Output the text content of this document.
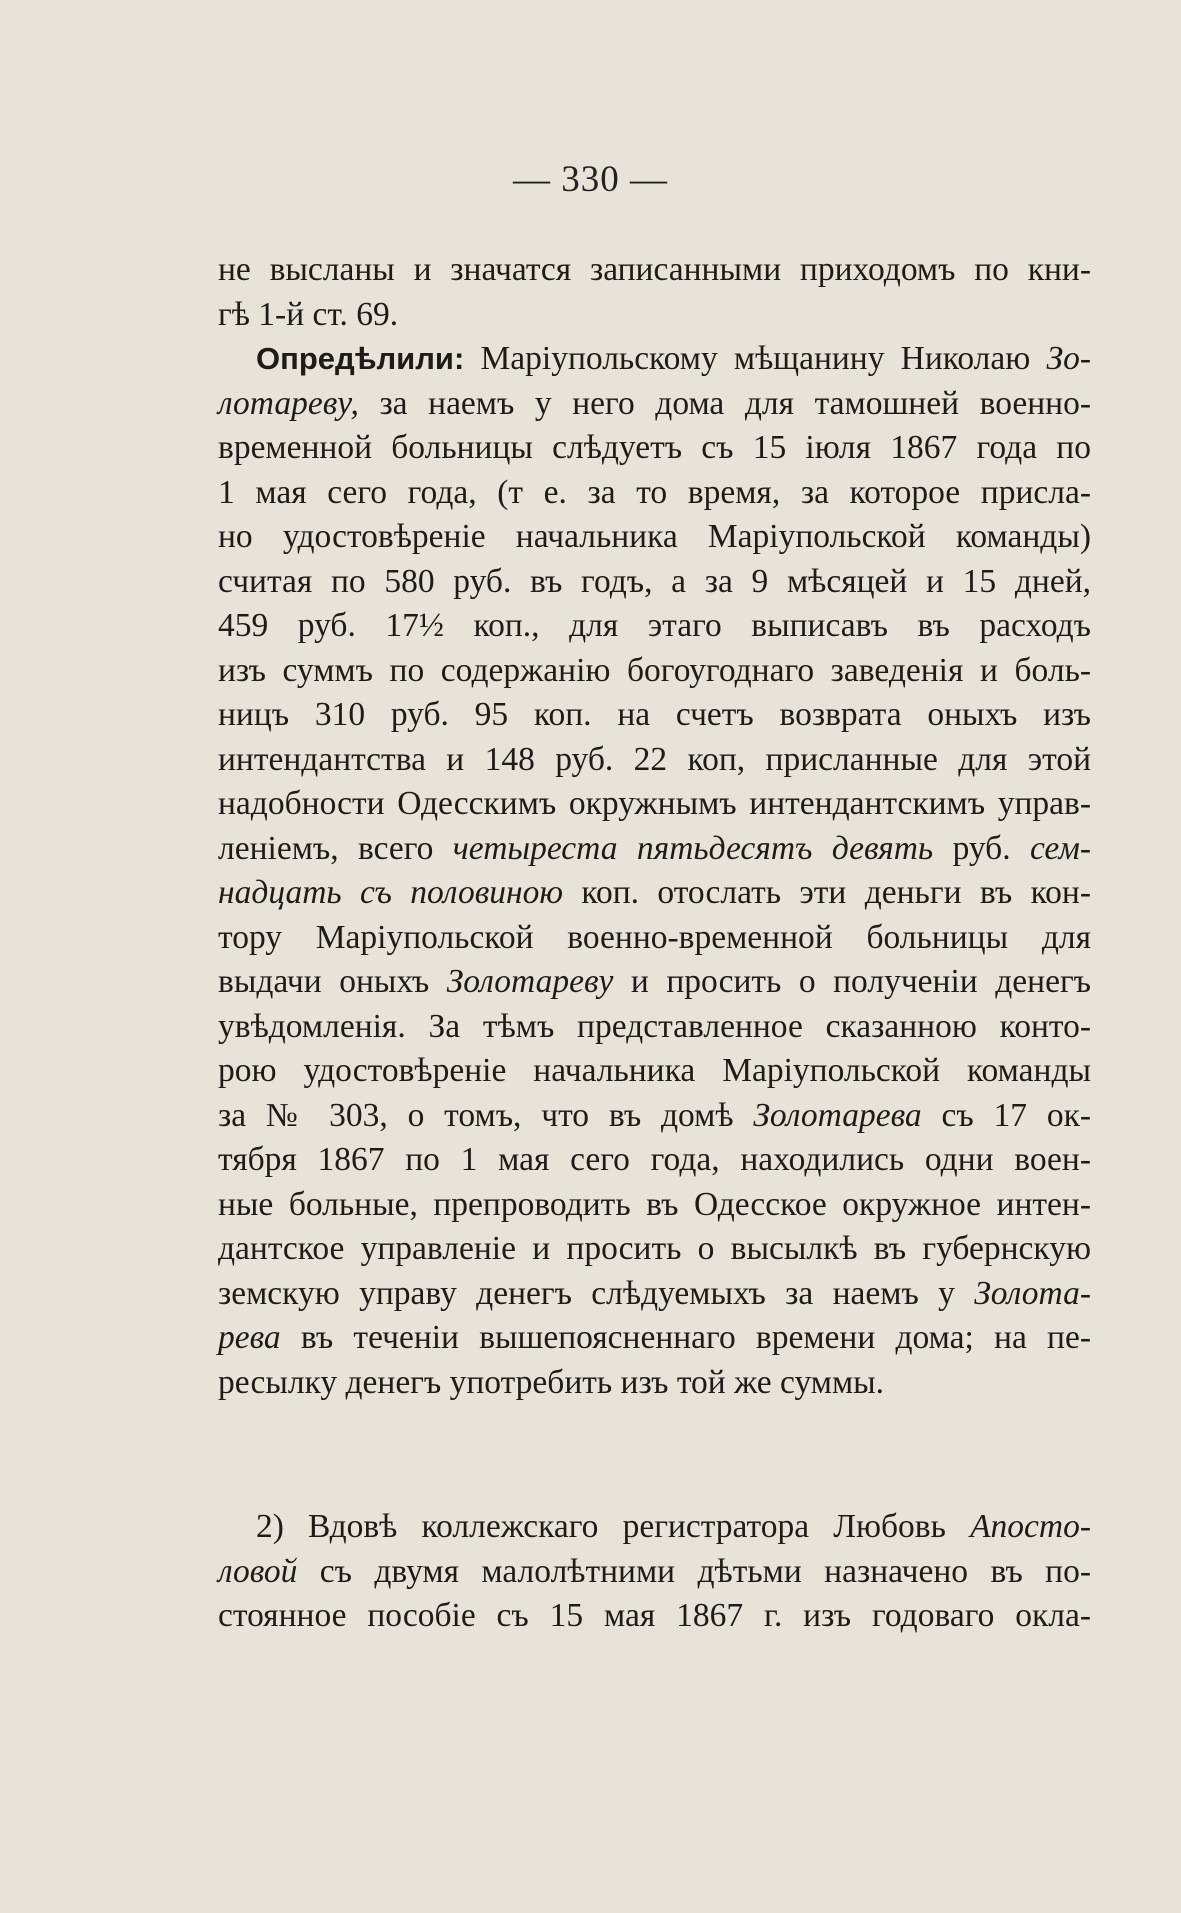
— 330 —
не высланы и значатся записанными приходомъ по кни-
гѣ 1-й ст. 69.
Опредѣлили: Маріупольскому мѣщанину Николаю Зо-
лотареву, за наемъ у него дома для тамошней военно-
временной больницы слѣдуетъ съ 15 іюля 1867 года по
1 мая сего года, (т е. за то время, за которое присла-
но удостовѣреніе начальника Маріупольской команды)
считая по 580 руб. въ годъ, а за 9 мѣсяцей и 15 дней,
459 руб. 17½ коп., для этаго выписавъ въ расходъ
изъ суммъ по содержанію богоугоднаго заведенія и боль-
ницъ 310 руб. 95 коп. на счетъ возврата оныхъ изъ
интендантства и 148 руб. 22 коп, присланные для этой
надобности Одесскимъ окружнымъ интендантскимъ управ-
леніемъ, всего четыреста пятьдесятъ девять руб. сем-
надцать съ половиною коп. отослать эти деньги въ кон-
тору Маріупольской военно-временной больницы для
выдачи оныхъ Золотареву и просить о полученіи денегъ
увѣдомленія. За тѣмъ представленное сказанною конто-
рою удостовѣреніе начальника Маріупольской команды
за № 303, о томъ, что въ домѣ Золотарева съ 17 ок-
тября 1867 по 1 мая сего года, находились одни воен-
ные больные, препроводить въ Одесское окружное интен-
дантское управленіе и просить о высылкѣ въ губернскую
земскую управу денегъ слѣдуемыхъ за наемъ у Золота-
рева въ теченіи вышепоясненнаго времени дома; на пе-
ресылку денегъ употребить изъ той же суммы.
2) Вдовѣ коллежскаго регистратора Любовь Апосто-
ловой съ двумя малолѣтними дѣтьми назначено въ по-
стоянное пособіе съ 15 мая 1867 г. изъ годоваго окла-
